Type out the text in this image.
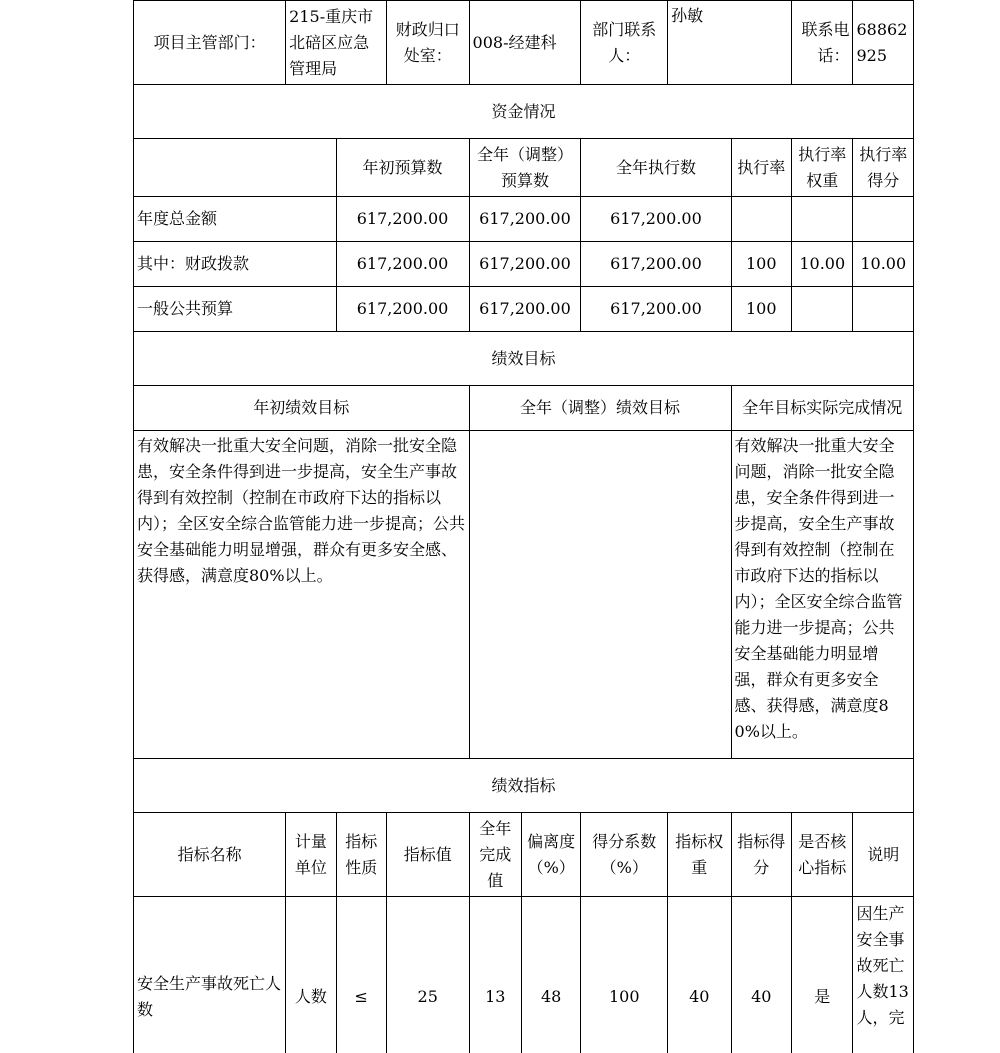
项目主管部门：	215-重庆市北碚区应急管理局		财政归口处室：	008-经建科		部门联系人：	孙敏		联系电话：	68862925
资金情况										
		年初预算数		全年（调整）预算数		全年执行数		执行率	执行率权重	执行率得分
年度总金额		617,200.00		617,200.00		617,200.00				
其中：财政拨款		617,200.00		617,200.00		617,200.00		100	10.00	10.00
一般公共预算		617,200.00		617,200.00		617,200.00		100		
绩效目标										
年初绩效目标				全年（调整）绩效目标				全年目标实际完成情况		
有效解决一批重大安全问题，消除一批安全隐患，安全条件得到进一步提高，安全生产事故得到有效控制（控制在市政府下达的指标以内）；全区安全综合监管能力进一步提高；公共安全基础能力明显增强，群众有更多安全感、获得感，满意度80%以上。								有效解决一批重大安全问题，消除一批安全隐患，安全条件得到进一步提高，安全生产事故得到有效控制（控制在市政府下达的指标以内）；全区安全综合监管能力进一步提高；公共安全基础能力明显增强，群众有更多安全感、获得感，满意度80%以上。		
绩效指标										
指标名称	计量单位	指标性质	指标值	全年完成值	偏离度（%）	得分系数（%）	指标权重	指标得分	是否核心指标	说明
安全生产事故死亡人数	人数	≤	25	13	48	100	40	40	是	因生产安全事故死亡人数13人，完
